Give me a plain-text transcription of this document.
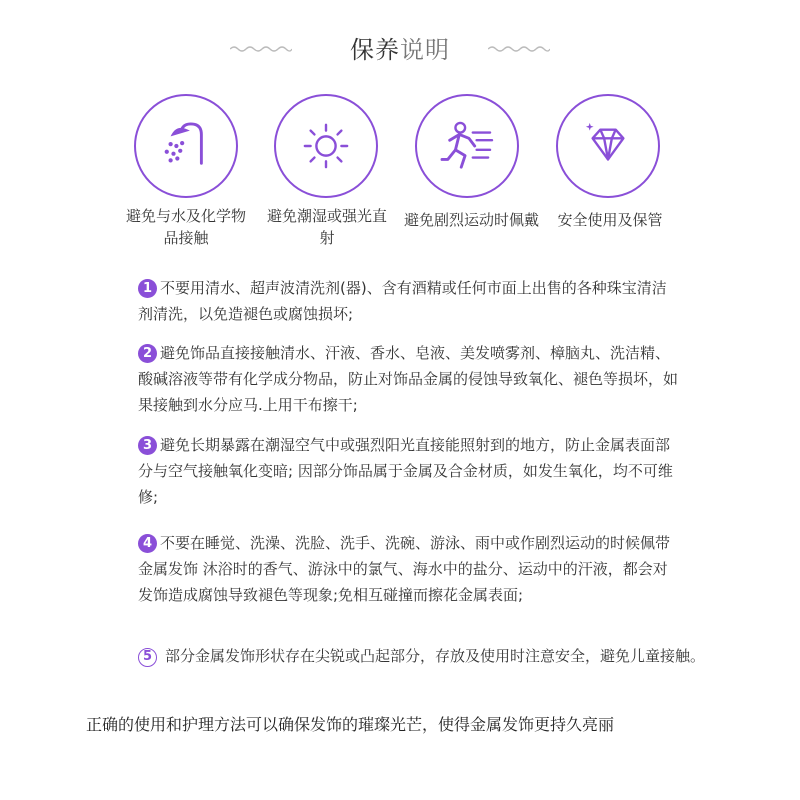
保养说明
避免与水及化学物品接触
避免潮湿或强光直射
避免剧烈运动时佩戴	安全使用及保管
1 不要用清水、超声波清洗剂(器)、含有酒精或任何市面上出售的各种珠宝清洁剂清洗，以免造褪色或腐蚀损坏;
2 避免饰品直接接触清水、汗液、香水、皂液、美发喷雾剂、樟脑丸、洗洁精、酸碱溶液等带有化学成分物品，防止对饰品金属的侵蚀导致氧化、褪色等损坏，如果接触到水分应马.上用干布擦干;
3 避免长期暴露在潮湿空气中或强烈阳光直接能照射到的地方，防止金属表面部分与空气接触氧化变暗; 因部分饰品属于金属及合金材质，如发生氧化，均不可维修;
4 不要在睡觉、洗澡、洗脸、洗手、洗碗、游泳、雨中或作剧烈运动的时候佩带 金属发饰 沐浴时的香气、游泳中的氯气、海水中的盐分、运动中的汗液，都会对发饰造成腐蚀导致褪色等现象;免相互碰撞而擦花金属表面;
5 部分金属发饰形状存在尖锐或凸起部分，存放及使用时注意安全，避免儿童接触。
正确的使用和护理方法可以确保发饰的璀璨光芒，使得金属发饰更持久亮丽
